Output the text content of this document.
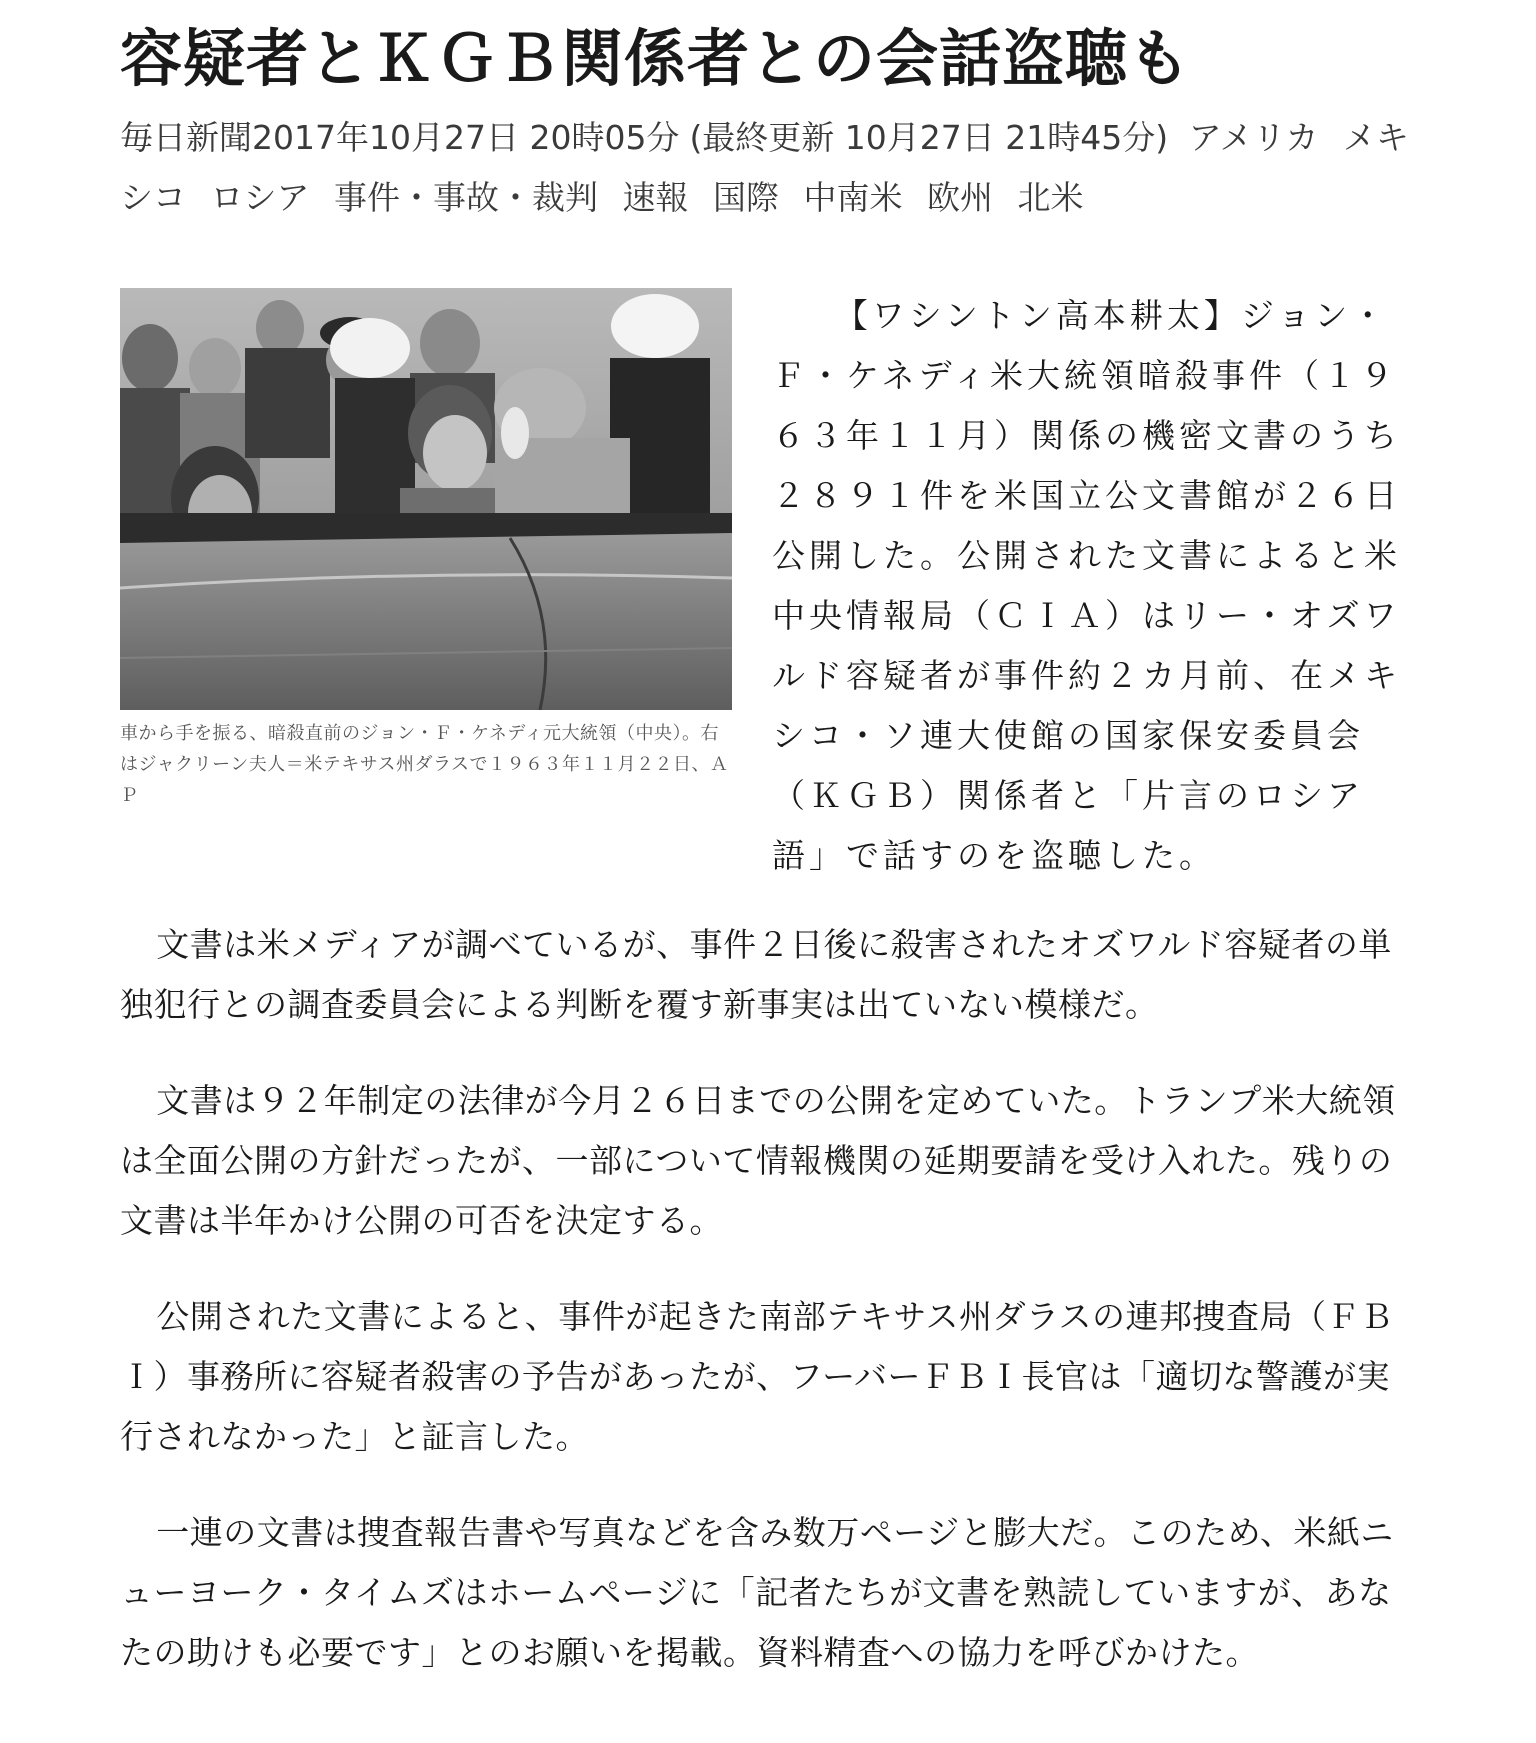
容疑者とＫＧＢ関係者との会話盗聴も
毎日新聞2017年10月27日 20時05分 (最終更新 10月27日 21時45分) アメリカ メキシコ ロシア 事件・事故・裁判 速報 国際 中南米 欧州 北米
車から手を振る、暗殺直前のジョン・Ｆ・ケネディ元大統領（中央）。右はジャクリーン夫人＝米テキサス州ダラスで１９６３年１１月２２日、ＡＰ

【ワシントン高本耕太】ジョン・Ｆ・ケネディ米大統領暗殺事件（１９６３年１１月）関係の機密文書のうち２８９１件を米国立公文書館が２６日公開した。公開された文書によると米中央情報局（ＣＩＡ）はリー・オズワルド容疑者が事件約２カ月前、在メキシコ・ソ連大使館の国家保安委員会（ＫＧＢ）関係者と「片言のロシア語」で話すのを盗聴した。

文書は米メディアが調べているが、事件２日後に殺害されたオズワルド容疑者の単独犯行との調査委員会による判断を覆す新事実は出ていない模様だ。

文書は９２年制定の法律が今月２６日までの公開を定めていた。トランプ米大統領は全面公開の方針だったが、一部について情報機関の延期要請を受け入れた。残りの文書は半年かけ公開の可否を決定する。

公開された文書によると、事件が起きた南部テキサス州ダラスの連邦捜査局（ＦＢＩ）事務所に容疑者殺害の予告があったが、フーバーＦＢＩ長官は「適切な警護が実行されなかった」と証言した。

一連の文書は捜査報告書や写真などを含み数万ページと膨大だ。このため、米紙ニューヨーク・タイムズはホームページに「記者たちが文書を熟読していますが、あなたの助けも必要です」とのお願いを掲載。資料精査への協力を呼びかけた。
